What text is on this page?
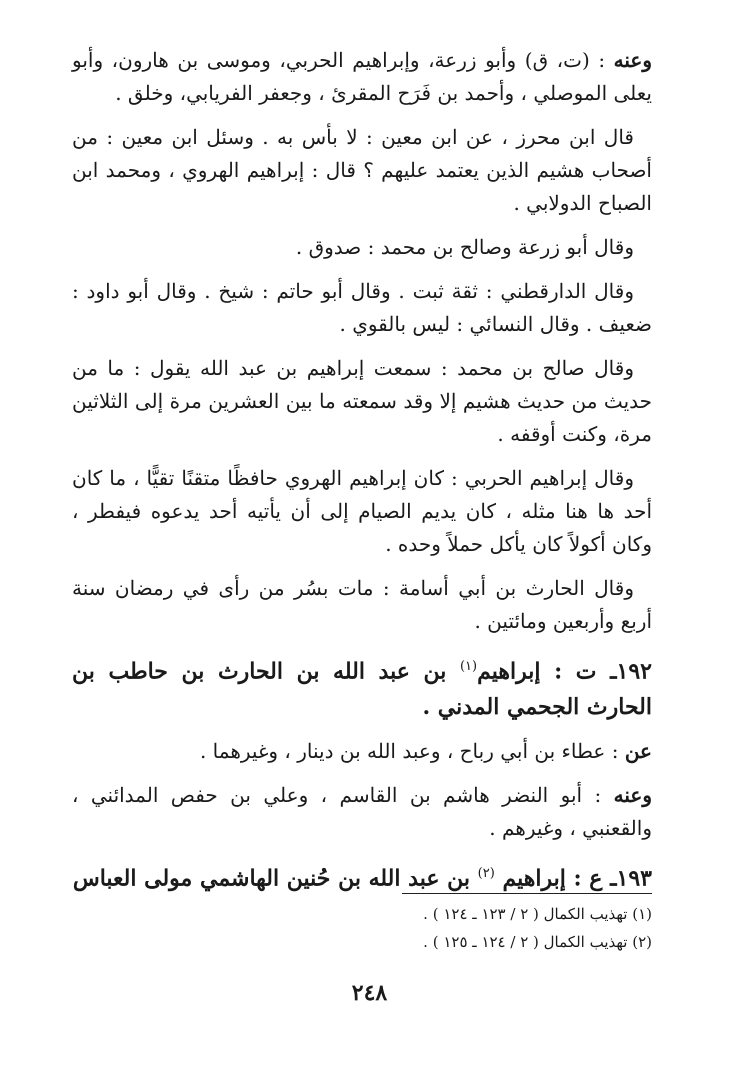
وعنه : (ت، ق) وأبو زرعة، وإبراهيم الحربي، وموسى بن هارون، وأبو يعلى الموصلي ، وأحمد بن فَرَح المقرئ ، وجعفر الفريابي، وخلق .

قال ابن محرز ، عن ابن معين : لا بأس به . وسئل ابن معين : من أصحاب هشيم الذين يعتمد عليهم ؟ قال : إبراهيم الهروي ، ومحمد ابن الصباح الدولابي .

وقال أبو زرعة وصالح بن محمد : صدوق .

وقال الدارقطني : ثقة ثبت . وقال أبو حاتم : شيخ . وقال أبو داود : ضعيف . وقال النسائي : ليس بالقوي .

وقال صالح بن محمد : سمعت إبراهيم بن عبد الله يقول : ما من حديث من حديث هشيم إلا وقد سمعته ما بين العشرين مرة إلى الثلاثين مرة، وكنت أوقفه .

وقال إبراهيم الحربي : كان إبراهيم الهروي حافظًا متقنًا تقيًّا ، ما كان أحد ها هنا مثله ، كان يديم الصيام إلى أن يأتيه أحد يدعوه فيفطر ، وكان أكولاً كان يأكل حملاً وحده .

وقال الحارث بن أبي أسامة : مات بسُر من رأى في رمضان سنة أربع وأربعين ومائتين .

١٩٢ـ ت : إبراهيم$^{(١)}$ بن عبد الله بن الحارث بن حاطب بن الحارث الجحمي المدني .

عن : عطاء بن أبي رباح ، وعبد الله بن دينار ، وغيرهما .

وعنه : أبو النضر هاشم بن القاسم ، وعلي بن حفص المدائني ، والقعنبي ، وغيرهم .

١٩٣ـ ع : إبراهيم $^{(٢)}$ بن عبد الله بن حُنين الهاشمي مولى العباس
(١) تهذيب الكمال ( ٢ / ١٢٣ ـ ١٢٤ ) .
(٢) تهذيب الكمال ( ٢ / ١٢٤ ـ ١٢٥ ) .
٢٤٨
